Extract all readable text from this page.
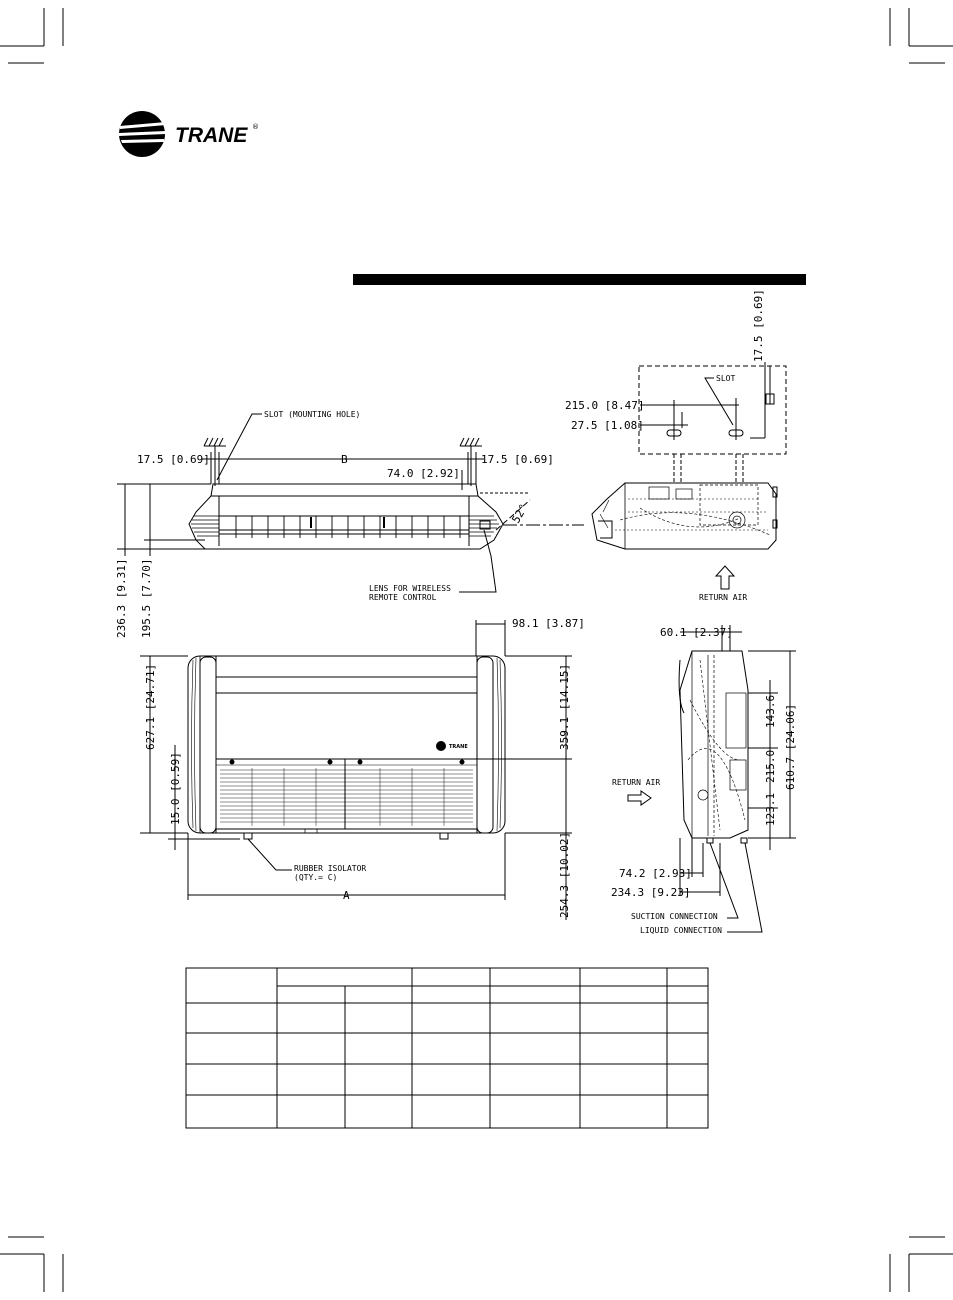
TRANE ®
SLOT (MOUNTING HOLE)
17.5 [0.69]	B	17.5 [0.69]
74.0 [2.92]
52°
236.3 [9.31] 195.5 [7.70]	LENS FOR WIRELESS
REMOTE CONTROL
17.5 [0.69]
SLOT
215.0 [8.47]
27.5 [1.08]
RETURN AIR
TRANE
98.1 [3.87]
627.1 [24.71]
15.0 [0.59]
359.1 [14.15]
254.3 [10.02]
RUBBER ISOLATOR
(QTY.= C)
A
60.1 [2.37]
143.6
215.0
123.1
610.7 [24.06]
RETURN AIR
74.2 [2.93]
234.3 [9.23]
SUCTION CONNECTION
LIQUID CONNECTION
